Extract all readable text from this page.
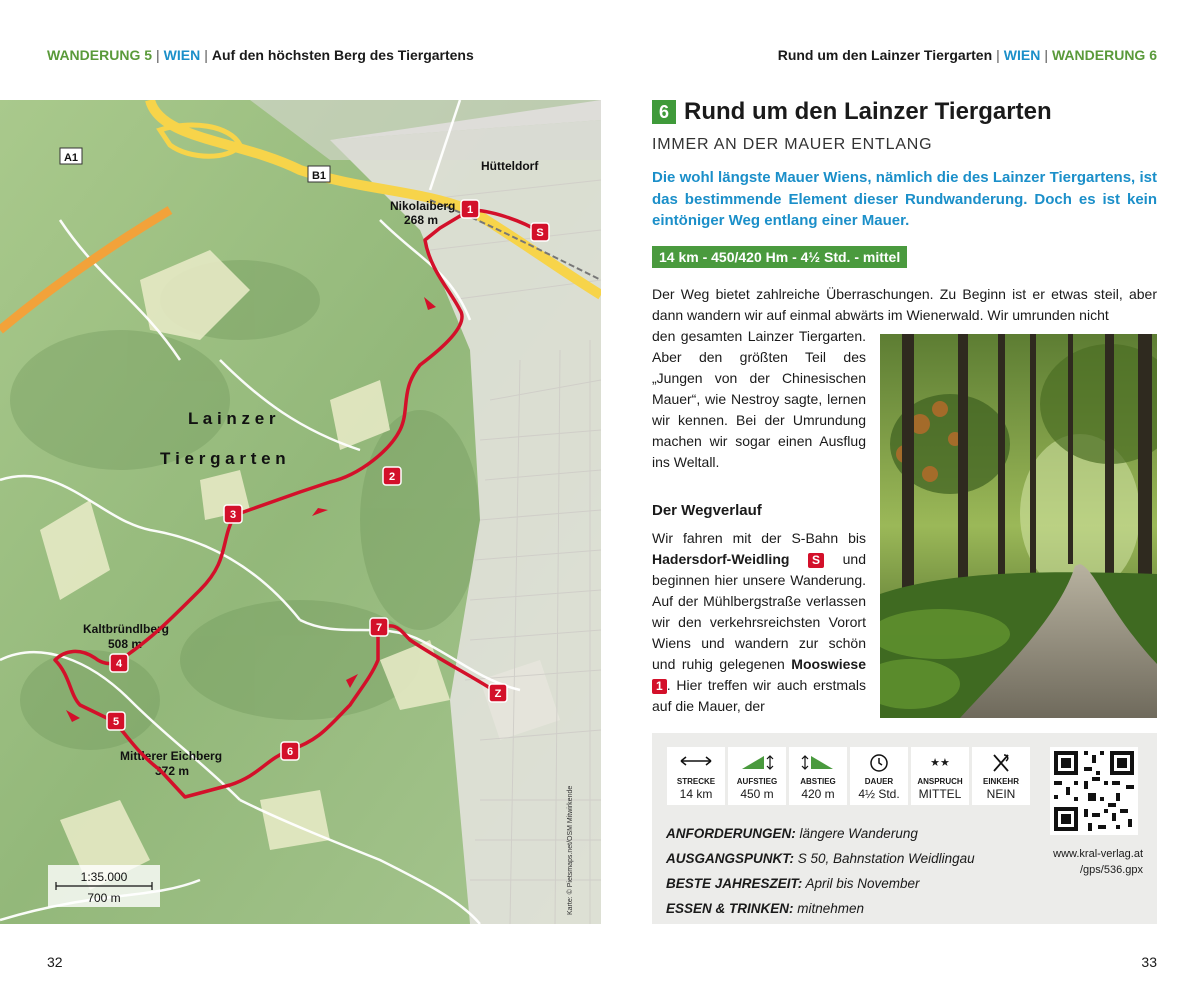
WANDERUNG 5 | WIEN | Auf den höchsten Berg des Tiergartens	Rund um den Lainzer Tiergarten | WIEN | WANDERUNG 6
A1
B1
Hütteldorf
Nikolaiberg
268 m
L a i n z e r
T i e r g a r t e n
Kaltbründlberg
508 m
Mittlerer Eichberg
372 m
1
2
3
4
5
6
7
Z
S
1:35.000
700 m	Karte: © Pietsmaps.net/OSM Mitwirkende
32	33
6 Rund um den Lainzer Tiergarten
IMMER AN DER MAUER ENTLANG
Die wohl längste Mauer Wiens, nämlich die des Lainzer Tiergartens, ist das bestimmende Element dieser Rundwanderung. Doch es ist kein eintöniger Weg entlang einer Mauer.
14 km - 450/420 Hm - 4½ Std. - mittel
Der Weg bietet zahlreiche Überraschungen. Zu Beginn ist er etwas steil, aber dann wandern wir auf einmal abwärts im Wienerwald. Wir umrunden nicht
den gesamten Lainzer Tiergarten. Aber den größten Teil des „Jungen von der Chinesischen Mauer“, wie Nestroy sagte, lernen wir kennen. Bei der Umrundung machen wir sogar einen Ausflug ins Weltall.
Der Wegverlauf
Wir fahren mit der S-Bahn bis Hadersdorf-Weidling S und beginnen hier unsere Wanderung. Auf der Mühlbergstraße verlassen wir den verkehrsreichsten Vorort Wiens und wandern zur schön und ruhig gelegenen Mooswiese 1 . Hier treffen wir auch erstmals auf die Mauer, der
STRECKE
14 km
AUFSTIEG
450 m
ABSTIEG
420 m
DAUER
4½ Std.
★★
ANSPRUCH
MITTEL
EINKEHR
NEIN
www.kral-verlag.at
/gps/536.gpx
ANFORDERUNGEN: längere Wanderung
AUSGANGSPUNKT: S 50, Bahnstation Weidlingau
BESTE JAHRESZEIT: April bis November
ESSEN & TRINKEN: mitnehmen
